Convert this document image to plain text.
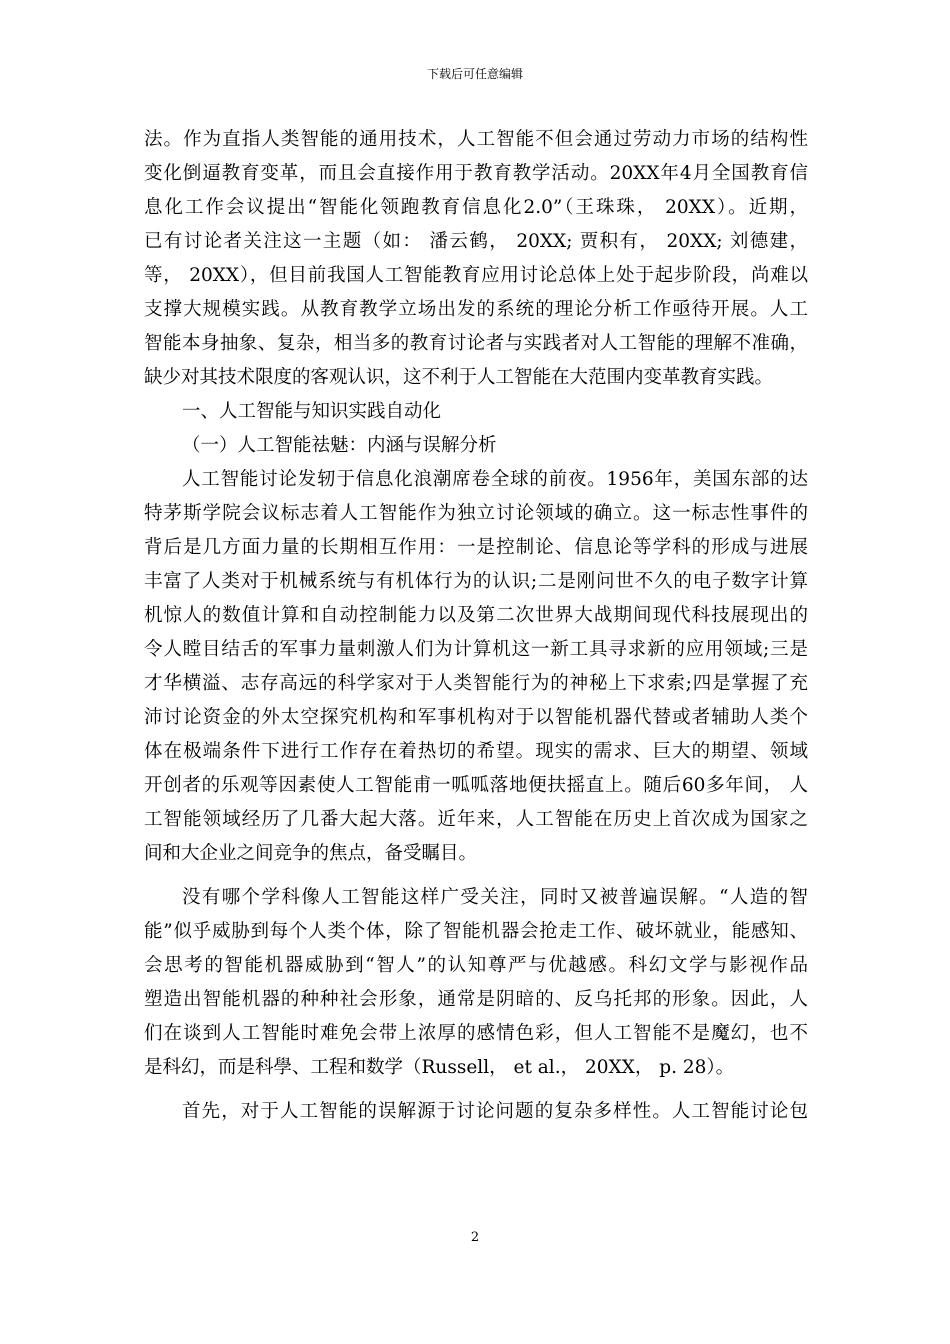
下载后可任意编辑
法。作为直指人类智能的通用技术，人工智能不但会通过劳动力市场的结构性
变化倒逼教育变革，而且会直接作用于教育教学活动。20XX年4月全国教育信
息化工作会议提出“智能化领跑教育信息化2.0”（王珠珠， 20XX）。近期，
已有讨论者关注这一主题（如： 潘云鹤， 20XX; 贾积有， 20XX; 刘德建，
等， 20XX），但目前我国人工智能教育应用讨论总体上处于起步阶段，尚难以
支撑大规模实践。从教育教学立场出发的系统的理论分析工作亟待开展。人工
智能本身抽象、复杂，相当多的教育讨论者与实践者对人工智能的理解不准确，
缺少对其技术限度的客观认识，这不利于人工智能在大范围内变革教育实践。
一、人工智能与知识实践自动化
（一）人工智能祛魅：内涵与误解分析
人工智能讨论发轫于信息化浪潮席卷全球的前夜。1956年，美国东部的达
特茅斯学院会议标志着人工智能作为独立讨论领域的确立。这一标志性事件的
背后是几方面力量的长期相互作用：一是控制论、信息论等学科的形成与进展
丰富了人类对于机械系统与有机体行为的认识;二是刚问世不久的电子数字计算
机惊人的数值计算和自动控制能力以及第二次世界大战期间现代科技展现出的
令人瞠目结舌的军事力量刺激人们为计算机这一新工具寻求新的应用领域;三是
才华横溢、志存高远的科学家对于人类智能行为的神秘上下求索;四是掌握了充
沛讨论资金的外太空探究机构和军事机构对于以智能机器代替或者辅助人类个
体在极端条件下进行工作存在着热切的希望。现实的需求、巨大的期望、领域
开创者的乐观等因素使人工智能甫一呱呱落地便扶摇直上。随后60多年间， 人
工智能领域经历了几番大起大落。近年来，人工智能在历史上首次成为国家之
间和大企业之间竞争的焦点，备受瞩目。
没有哪个学科像人工智能这样广受关注，同时又被普遍误解。“人造的智
能”似乎威胁到每个人类个体，除了智能机器会抢走工作、破坏就业，能感知、
会思考的智能机器威胁到“智人”的认知尊严与优越感。科幻文学与影视作品
塑造出智能机器的种种社会形象，通常是阴暗的、反乌托邦的形象。因此，人
们在谈到人工智能时难免会带上浓厚的感情色彩，但人工智能不是魔幻，也不
是科幻，而是科學、工程和数学（Russell， et al.， 20XX， p. 28）。
首先，对于人工智能的误解源于讨论问题的复杂多样性。人工智能讨论包
2
